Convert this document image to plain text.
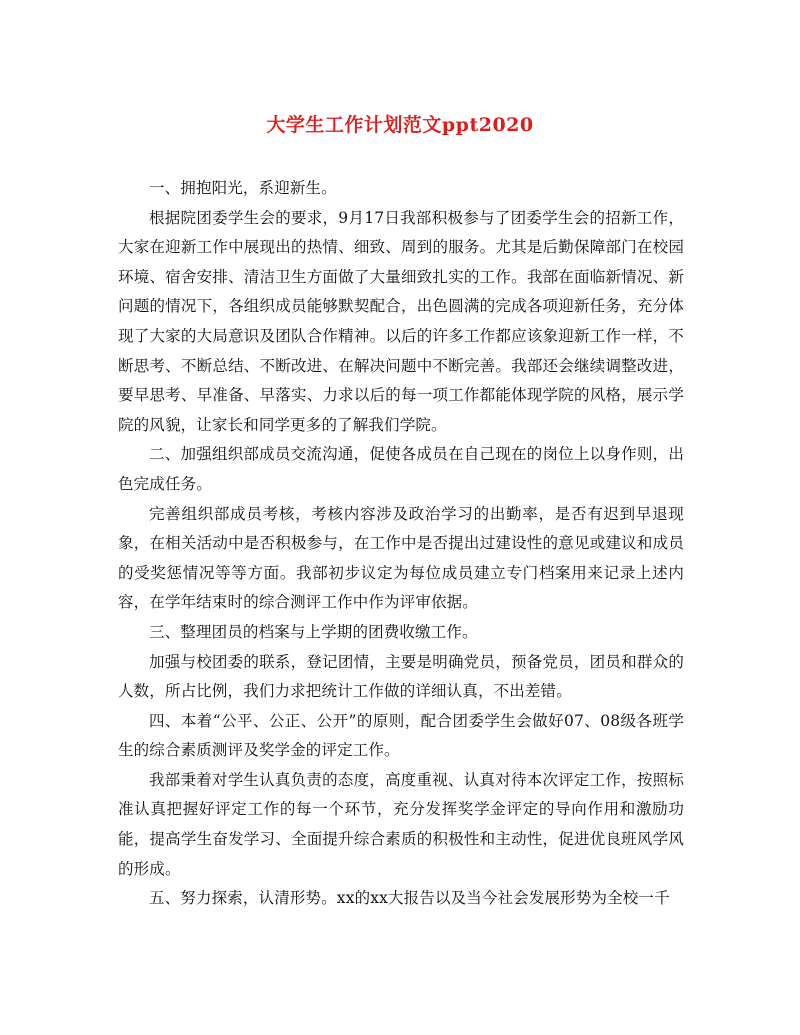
大学生工作计划范文ppt2020

一、拥抱阳光，系迎新生。

根据院团委学生会的要求，9月17日我部积极参与了团委学生会的招新工作，大家在迎新工作中展现出的热情、细致、周到的服务。尤其是后勤保障部门在校园环境、宿舍安排、清洁卫生方面做了大量细致扎实的工作。我部在面临新情况、新问题的情况下，各组织成员能够默契配合，出色圆满的完成各项迎新任务，充分体现了大家的大局意识及团队合作精神。以后的许多工作都应该象迎新工作一样，不断思考、不断总结、不断改进、在解决问题中不断完善。我部还会继续调整改进，要早思考、早准备、早落实、力求以后的每一项工作都能体现学院的风格，展示学院的风貌，让家长和同学更多的了解我们学院。

二、加强组织部成员交流沟通，促使各成员在自己现在的岗位上以身作则，出色完成任务。

完善组织部成员考核，考核内容涉及政治学习的出勤率，是否有迟到早退现象，在相关活动中是否积极参与，在工作中是否提出过建设性的意见或建议和成员的受奖惩情况等等方面。我部初步议定为每位成员建立专门档案用来记录上述内容，在学年结束时的综合测评工作中作为评审依据。

三、整理团员的档案与上学期的团费收缴工作。

加强与校团委的联系，登记团情，主要是明确党员，预备党员，团员和群众的人数，所占比例，我们力求把统计工作做的详细认真，不出差错。

四、本着“公平、公正、公开”的原则，配合团委学生会做好07、08级各班学生的综合素质测评及奖学金的评定工作。

我部秉着对学生认真负责的态度，高度重视、认真对待本次评定工作，按照标准认真把握好评定工作的每一个环节，充分发挥奖学金评定的导向作用和激励功能，提高学生奋发学习、全面提升综合素质的积极性和主动性，促进优良班风学风的形成。

五、努力探索，认清形势。xx的xx大报告以及当今社会发展形势为全校一千
